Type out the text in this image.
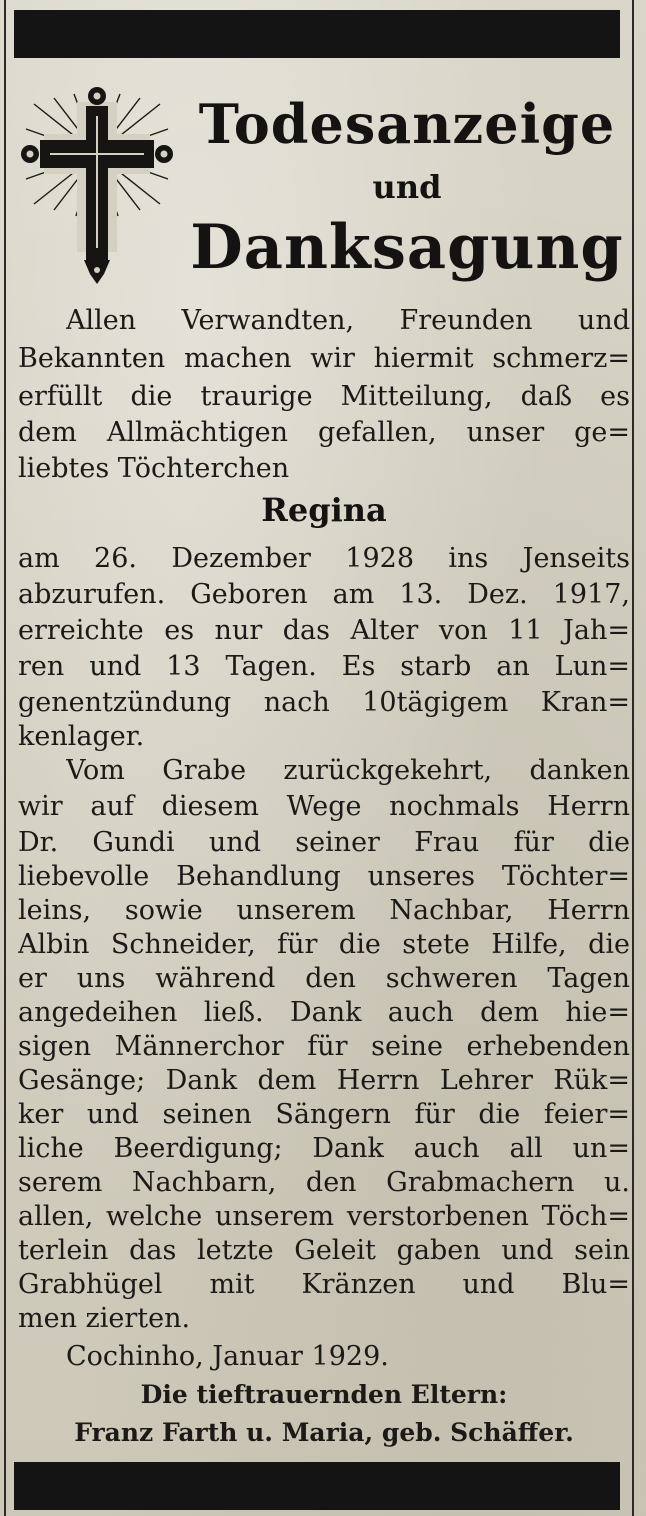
Todesanzeige
und
Danksagung
Allen Verwandten, Freunden und
Bekannten machen wir hiermit schmerz=
erfüllt die traurige Mitteilung, daß es
dem Allmächtigen gefallen, unser ge=
liebtes Töchterchen
Regina
am 26. Dezember 1928 ins Jenseits
abzurufen. Geboren am 13. Dez. 1917,
erreichte es nur das Alter von 11 Jah=
ren und 13 Tagen. Es starb an Lun=
genentzündung nach 10tägigem Kran=
kenlager.
Vom Grabe zurückgekehrt, danken
wir auf diesem Wege nochmals Herrn
Dr. Gundi und seiner Frau für die
liebevolle Behandlung unseres Töchter=
leins, sowie unserem Nachbar, Herrn
Albin Schneider, für die stete Hilfe, die
er uns während den schweren Tagen
angedeihen ließ. Dank auch dem hie=
sigen Männerchor für seine erhebenden
Gesänge; Dank dem Herrn Lehrer Rük=
ker und seinen Sängern für die feier=
liche Beerdigung; Dank auch all un=
serem Nachbarn, den Grabmachern u.
allen, welche unserem verstorbenen Töch=
terlein das letzte Geleit gaben und sein
Grabhügel mit Kränzen und Blu=
men zierten.
Cochinho, Januar 1929.
Die tieftrauernden Eltern:
Franz Farth u. Maria, geb. Schäffer.
